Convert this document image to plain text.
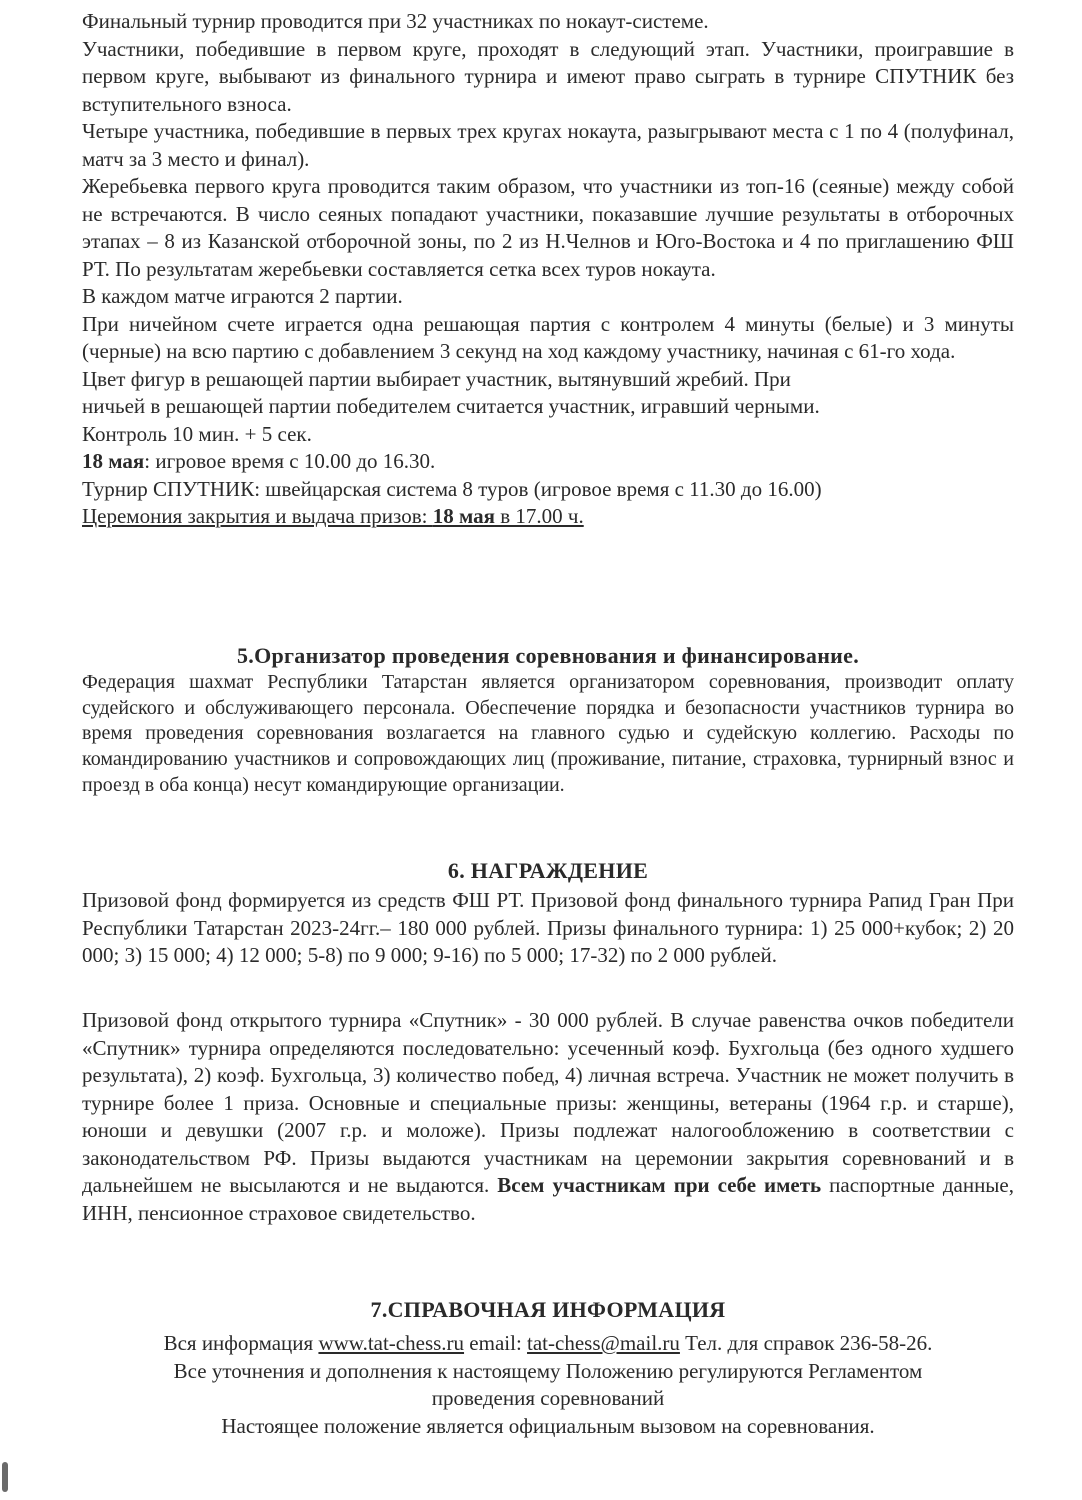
Финальный турнир проводится при 32 участниках по нокаут-системе.
Участники, победившие в первом круге, проходят в следующий этап. Участники, проигравшие в первом круге, выбывают из финального турнира и имеют право сыграть в турнире СПУТНИК без вступительного взноса.
Четыре участника, победившие в первых трех кругах нокаута, разыгрывают места с 1 по 4 (полуфинал, матч за 3 место и финал).
Жеребьевка первого круга проводится таким образом, что участники из топ-16 (сеяные) между собой не встречаются. В число сеяных попадают участники, показавшие лучшие результаты в отборочных этапах – 8 из Казанской отборочной зоны, по 2 из Н.Челнов и Юго-Востока и 4 по приглашению ФШ РТ. По результатам жеребьевки составляется сетка всех туров нокаута.
В каждом матче играются 2 партии.
При ничейном счете играется одна решающая партия с контролем 4 минуты (белые) и 3 минуты (черные) на всю партию с добавлением 3 секунд на ход каждому участнику, начиная с 61-го хода.
Цвет фигур в решающей партии выбирает участник, вытянувший жребий. При
ничьей в решающей партии победителем считается участник, игравший черными.
Контроль 10 мин. + 5 сек.
18 мая: игровое время с 10.00 до 16.30.
Турнир СПУТНИК: швейцарская система 8 туров (игровое время с 11.30 до 16.00)
Церемония закрытия и выдача призов: 18 мая в 17.00 ч.
5.Организатор проведения соревнования и финансирование.
Федерация шахмат Республики Татарстан является организатором соревнования, производит оплату судейского и обслуживающего персонала. Обеспечение порядка и безопасности участников турнира во время проведения соревнования возлагается на главного судью и судейскую коллегию. Расходы по командированию участников и сопровождающих лиц (проживание, питание, страховка, турнирный взнос и проезд в оба конца) несут командирующие организации.
6. НАГРАЖДЕНИЕ
Призовой фонд формируется из средств ФШ РТ. Призовой фонд финального турнира Рапид Гран При Республики Татарстан 2023-24гг.– 180 000 рублей. Призы финального турнира: 1) 25 000+кубок; 2) 20 000; 3) 15 000; 4) 12 000; 5-8) по 9 000; 9-16) по 5 000; 17-32) по 2 000 рублей.
Призовой фонд открытого турнира «Спутник» - 30 000 рублей. В случае равенства очков победители «Спутник» турнира определяются последовательно: усеченный коэф. Бухгольца (без одного худшего результата), 2) коэф. Бухгольца, 3) количество побед, 4) личная встреча. Участник не может получить в турнире более 1 приза. Основные и специальные призы: женщины, ветераны (1964 г.р. и старше), юноши и девушки (2007 г.р. и моложе). Призы подлежат налогообложению в соответствии с законодательством РФ. Призы выдаются участникам на церемонии закрытия соревнований и в дальнейшем не высылаются и не выдаются. Всем участникам при себе иметь паспортные данные, ИНН, пенсионное страховое свидетельство.
7.СПРАВОЧНАЯ ИНФОРМАЦИЯ
Вся информация www.tat-chess.ru email: tat-chess@mail.ru Тел. для справок 236-58-26.
Все уточнения и дополнения к настоящему Положению регулируются Регламентом
проведения соревнований
Настоящее положение является официальным вызовом на соревнования.
